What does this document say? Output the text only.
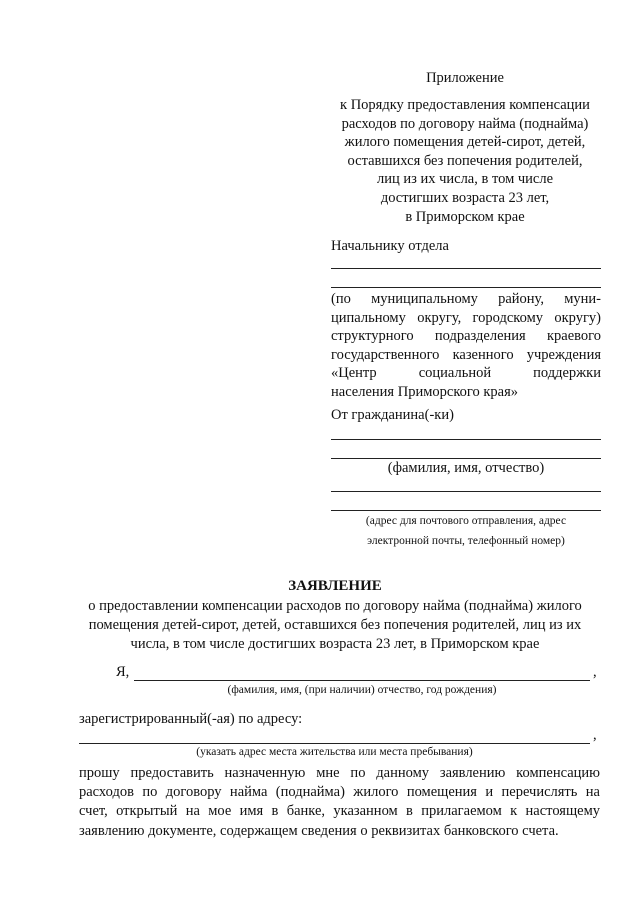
Приложение
к Порядку предоставления компенсации
расходов по договору найма (поднайма)
жилого помещения детей-сирот, детей,
оставшихся без попечения родителей,
лиц из их числа, в том числе
достигших возраста 23 лет,
в Приморском крае
Начальнику отдела
(по муниципальному району, муни-
ципальному округу, городскому округу)
структурного подразделения краевого
государственного казенного учреждения
«Центр социальной поддержки
населения Приморского края»
От гражданина(-ки)
(фамилия, имя, отчество)
(адрес для почтового отправления, адрес
электронной почты, телефонный номер)
ЗАЯВЛЕНИЕ
о предоставлении компенсации расходов по договору найма (поднайма) жилого
помещения детей-сирот, детей, оставшихся без попечения родителей, лиц из их
числа, в том числе достигших возраста 23 лет, в Приморском крае
Я,	,
(фамилия, имя, (при наличии) отчество, год рождения)
зарегистрированный(-ая) по адресу:
,
(указать адрес места жительства или места пребывания)
прошу предоставить назначенную мне по данному заявлению компенсацию
расходов по договору найма (поднайма) жилого помещения и перечислять на
счет, открытый на мое имя в банке, указанном в прилагаемом к настоящему
заявлению документе, содержащем сведения о реквизитах банковского счета.
